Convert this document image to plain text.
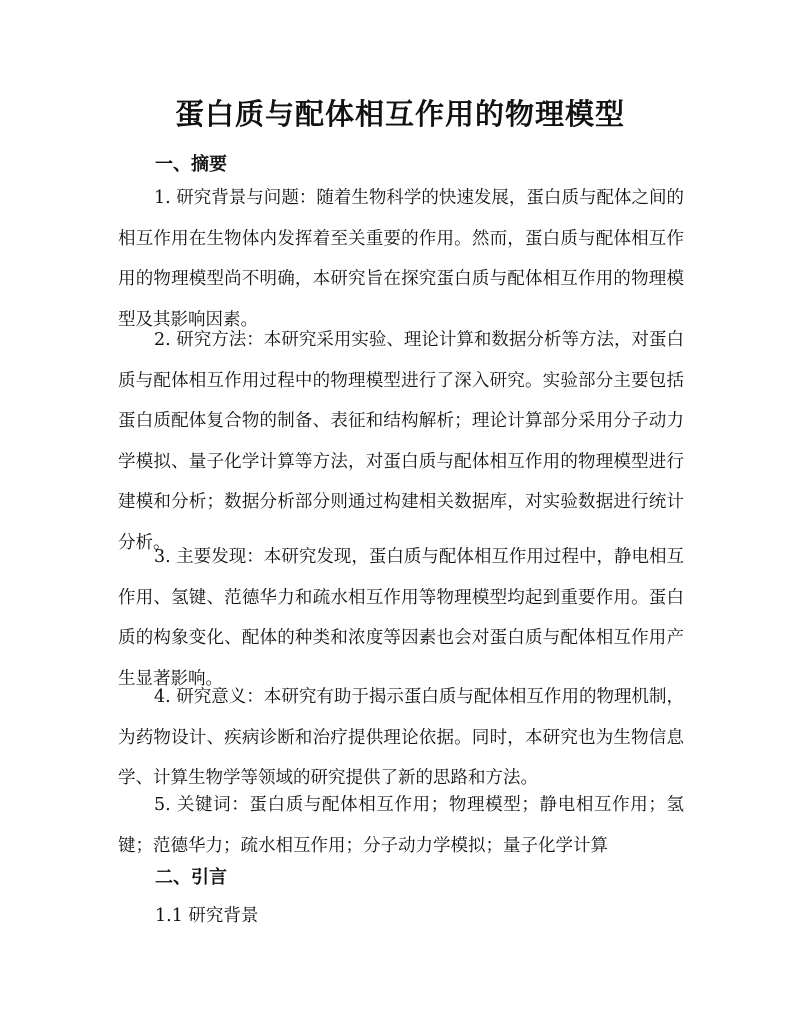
蛋白质与配体相互作用的物理模型
一、摘要

1. 研究背景与问题：随着生物科学的快速发展，蛋白质与配体之间的相互作用在生物体内发挥着至关重要的作用。然而，蛋白质与配体相互作用的物理模型尚不明确，本研究旨在探究蛋白质与配体相互作用的物理模型及其影响因素。

2. 研究方法：本研究采用实验、理论计算和数据分析等方法，对蛋白质与配体相互作用过程中的物理模型进行了深入研究。实验部分主要包括蛋白质配体复合物的制备、表征和结构解析；理论计算部分采用分子动力学模拟、量子化学计算等方法，对蛋白质与配体相互作用的物理模型进行建模和分析；数据分析部分则通过构建相关数据库，对实验数据进行统计分析。

3. 主要发现：本研究发现，蛋白质与配体相互作用过程中，静电相互作用、氢键、范德华力和疏水相互作用等物理模型均起到重要作用。蛋白质的构象变化、配体的种类和浓度等因素也会对蛋白质与配体相互作用产生显著影响。

4. 研究意义：本研究有助于揭示蛋白质与配体相互作用的物理机制，为药物设计、疾病诊断和治疗提供理论依据。同时，本研究也为生物信息学、计算生物学等领域的研究提供了新的思路和方法。

5. 关键词：蛋白质与配体相互作用；物理模型；静电相互作用；氢键；范德华力；疏水相互作用；分子动力学模拟；量子化学计算

二、引言

1.1 研究背景
